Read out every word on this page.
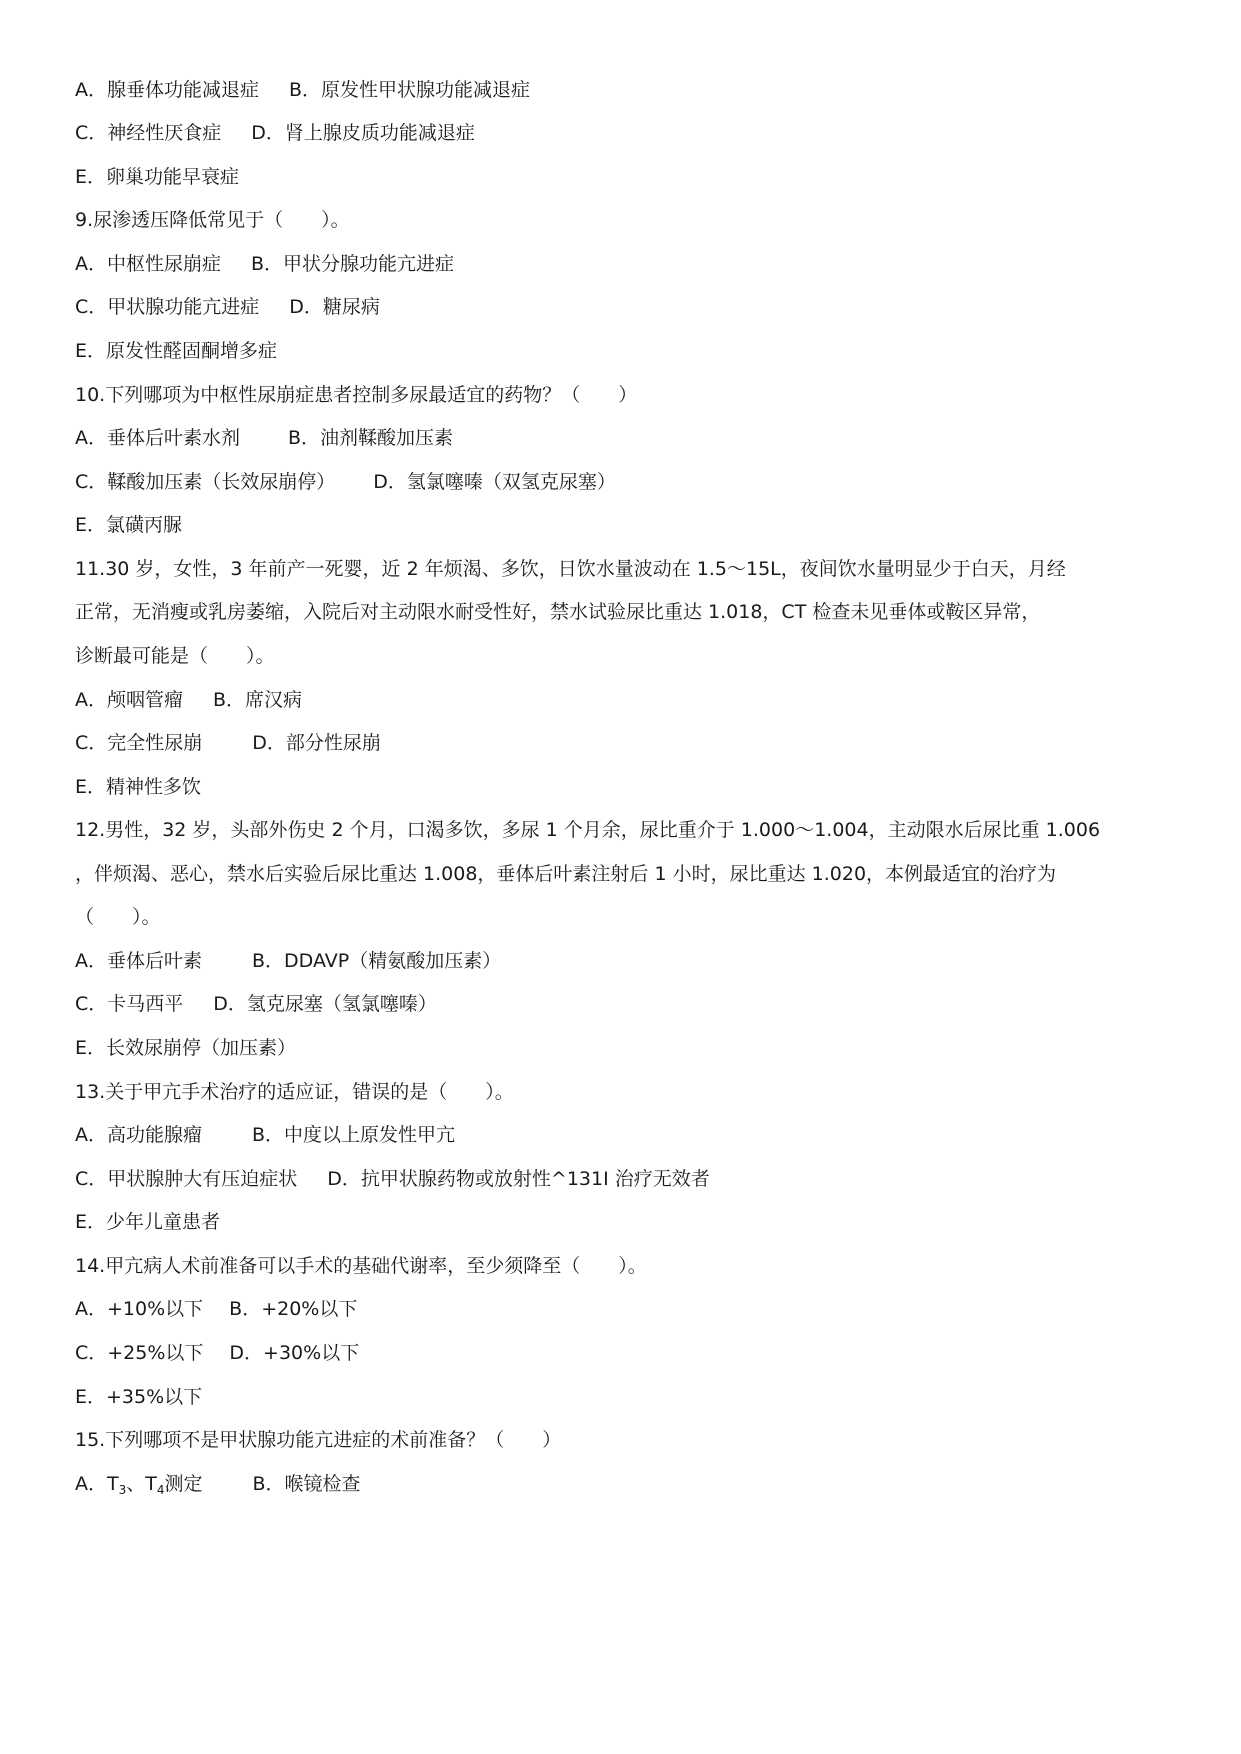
A．腺垂体功能减退症 B．原发性甲状腺功能减退症
C．神经性厌食症 D．肾上腺皮质功能减退症
E．卵巢功能早衰症
9.尿渗透压降低常见于（　　）。
A．中枢性尿崩症 B．甲状分腺功能亢进症
C．甲状腺功能亢进症 D．糖尿病
E．原发性醛固酮增多症
10.下列哪项为中枢性尿崩症患者控制多尿最适宜的药物？（　　）
A．垂体后叶素水剂	B．油剂鞣酸加压素
C．鞣酸加压素（长效尿崩停） D．氢氯噻嗪（双氢克尿塞）
E．氯磺丙脲
11.30 岁，女性，3 年前产一死婴，近 2 年烦渴、多饮，日饮水量波动在 1.5～15L，夜间饮水量明显少于白天，月经
正常，无消瘦或乳房萎缩，入院后对主动限水耐受性好，禁水试验尿比重达 1.018，CT 检查未见垂体或鞍区异常，
诊断最可能是（　　）。
A．颅咽管瘤 B．席汉病
C．完全性尿崩	D．部分性尿崩
E．精神性多饮
12.男性，32 岁，头部外伤史 2 个月，口渴多饮，多尿 1 个月余，尿比重介于 1.000～1.004，主动限水后尿比重 1.006
，伴烦渴、恶心，禁水后实验后尿比重达 1.008，垂体后叶素注射后 1 小时，尿比重达 1.020，本例最适宜的治疗为
（　　）。
A．垂体后叶素	B．DDAVP（精氨酸加压素）
C．卡马西平 D．氢克尿塞（氢氯噻嗪）
E．长效尿崩停（加压素）
13.关于甲亢手术治疗的适应证，错误的是（　　）。
A．高功能腺瘤	B．中度以上原发性甲亢
C．甲状腺肿大有压迫症状 D．抗甲状腺药物或放射性^131I 治疗无效者
E．少年儿童患者
14.甲亢病人术前准备可以手术的基础代谢率，至少须降至（　　）。
A．+10%以下 B．+20%以下
C．+25%以下 D．+30%以下
E．+35%以下
15.下列哪项不是甲状腺功能亢进症的术前准备？（　　）
A．$T_3$、$T_4$测定	B．喉镜检查
